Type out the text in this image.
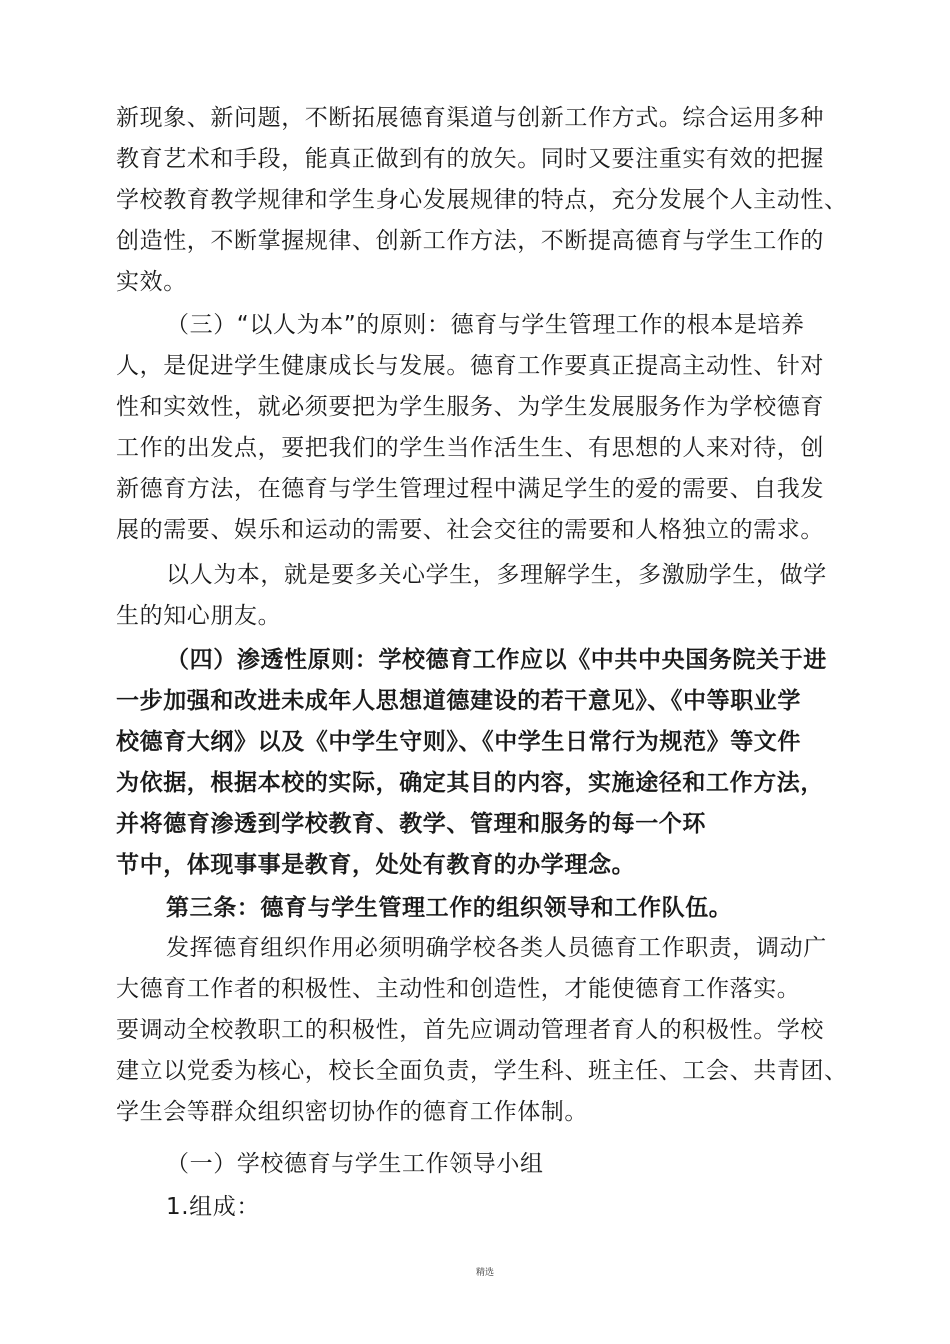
新现象、新问题，不断拓展德育渠道与创新工作方式。综合运用多种
教育艺术和手段，能真正做到有的放矢。同时又要注重实有效的把握
学校教育教学规律和学生身心发展规律的特点，充分发展个人主动性、
创造性，不断掌握规律、创新工作方法，不断提高德育与学生工作的
实效。
（三）“以人为本”的原则：德育与学生管理工作的根本是培养
人，是促进学生健康成长与发展。德育工作要真正提高主动性、针对
性和实效性，就必须要把为学生服务、为学生发展服务作为学校德育
工作的出发点，要把我们的学生当作活生生、有思想的人来对待，创
新德育方法，在德育与学生管理过程中满足学生的爱的需要、自我发
展的需要、娱乐和运动的需要、社会交往的需要和人格独立的需求。
以人为本，就是要多关心学生，多理解学生，多激励学生，做学
生的知心朋友。
（四）渗透性原则：学校德育工作应以《中共中央国务院关于进
一步加强和改进未成年人思想道德建设的若干意见》、《中等职业学
校德育大纲》以及《中学生守则》、《中学生日常行为规范》等文件
为依据，根据本校的实际，确定其目的内容，实施途径和工作方法，
并将德育渗透到学校教育、教学、管理和服务的每一个环
节中，体现事事是教育，处处有教育的办学理念。
第三条：德育与学生管理工作的组织领导和工作队伍。
发挥德育组织作用必须明确学校各类人员德育工作职责，调动广
大德育工作者的积极性、主动性和创造性，才能使德育工作落实。
要调动全校教职工的积极性，首先应调动管理者育人的积极性。学校
建立以党委为核心，校长全面负责，学生科、班主任、工会、共青团、
学生会等群众组织密切协作的德育工作体制。
（一）学校德育与学生工作领导小组
1.组成：
精选
